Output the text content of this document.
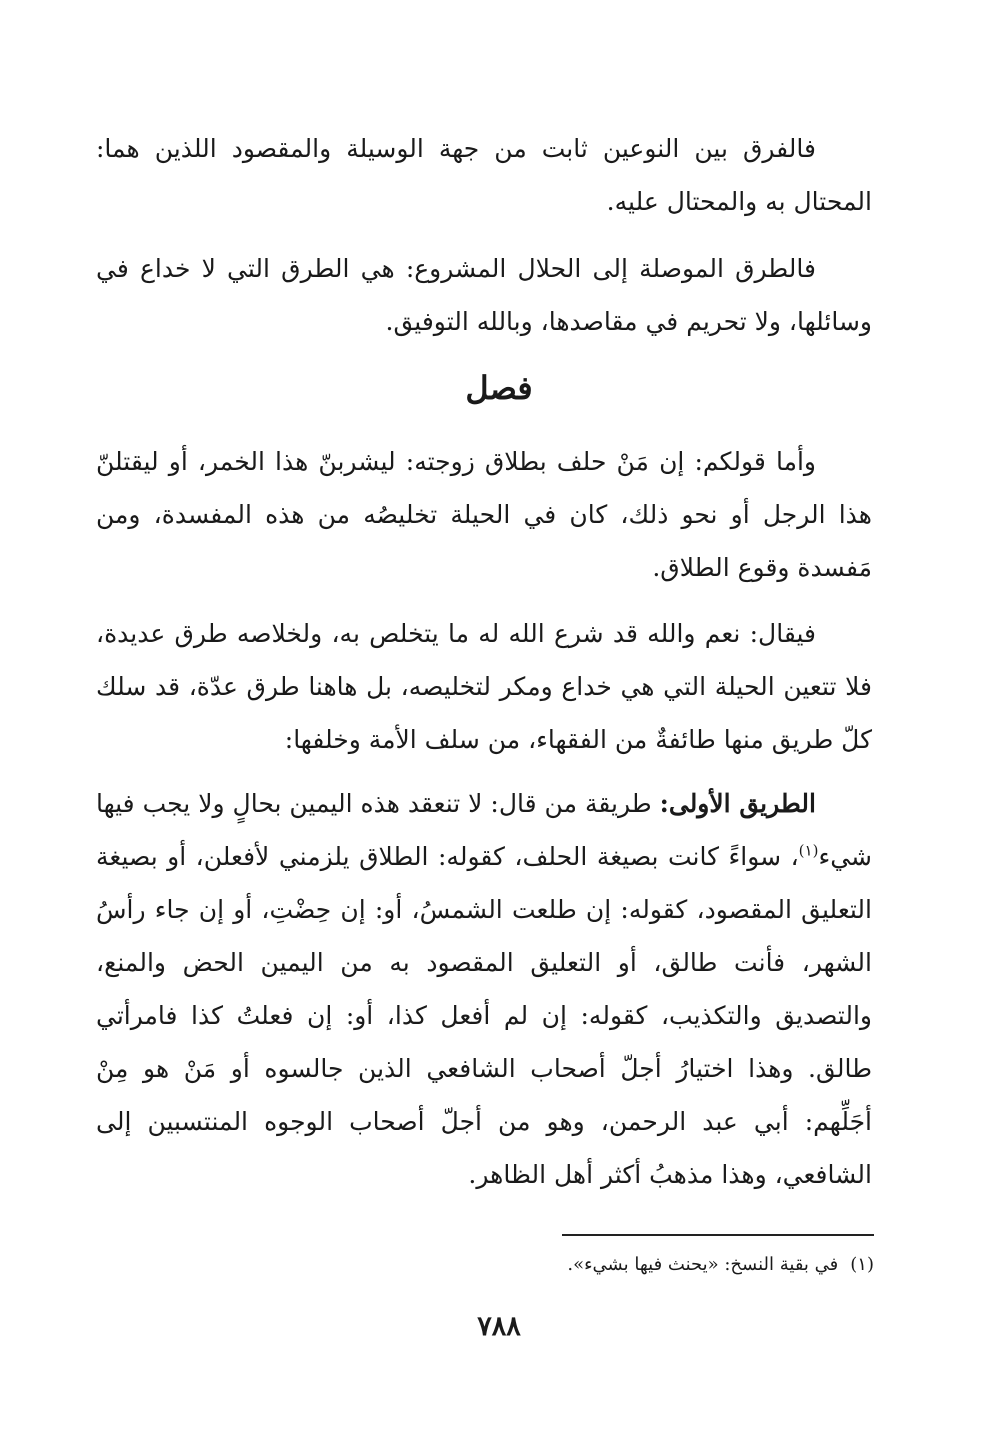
فالفرق بين النوعين ثابت من جهة الوسيلة والمقصود اللذين هما: المحتال به والمحتال عليه.

فالطرق الموصلة إلى الحلال المشروع: هي الطرق التي لا خداع في وسائلها، ولا تحريم في مقاصدها، وبالله التوفيق.

فصل

وأما قولكم: إن مَنْ حلف بطلاق زوجته: ليشربنّ هذا الخمر، أو ليقتلنّ هذا الرجل أو نحو ذلك، كان في الحيلة تخليصُه من هذه المفسدة، ومن مَفسدة وقوع الطلاق.

فيقال: نعم والله قد شرع الله له ما يتخلص به، ولخلاصه طرق عديدة، فلا تتعين الحيلة التي هي خداع ومكر لتخليصه، بل هاهنا طرق عدّة، قد سلك كلّ طريق منها طائفةٌ من الفقهاء، من سلف الأمة وخلفها:

الطريق الأولى: طريقة من قال: لا تنعقد هذه اليمين بحالٍ ولا يجب فيها شيء$^{(١)}$، سواءً كانت بصيغة الحلف، كقوله: الطلاق يلزمني لأفعلن، أو بصيغة التعليق المقصود، كقوله: إن طلعت الشمسُ، أو: إن حِضْتِ، أو إن جاء رأسُ الشهر، فأنت طالق، أو التعليق المقصود به من اليمين الحض والمنع، والتصديق والتكذيب، كقوله: إن لم أفعل كذا، أو: إن فعلتُ كذا فامرأتي طالق. وهذا اختيارُ أجلّ أصحاب الشافعي الذين جالسوه أو مَنْ هو مِنْ أجَلِّهم: أبي عبد الرحمن، وهو من أجلّ أصحاب الوجوه المنتسبين إلى الشافعي، وهذا مذهبُ أكثر أهل الظاهر.

(١)في بقية النسخ: «يحنث فيها بشيء».
٧٨٨
